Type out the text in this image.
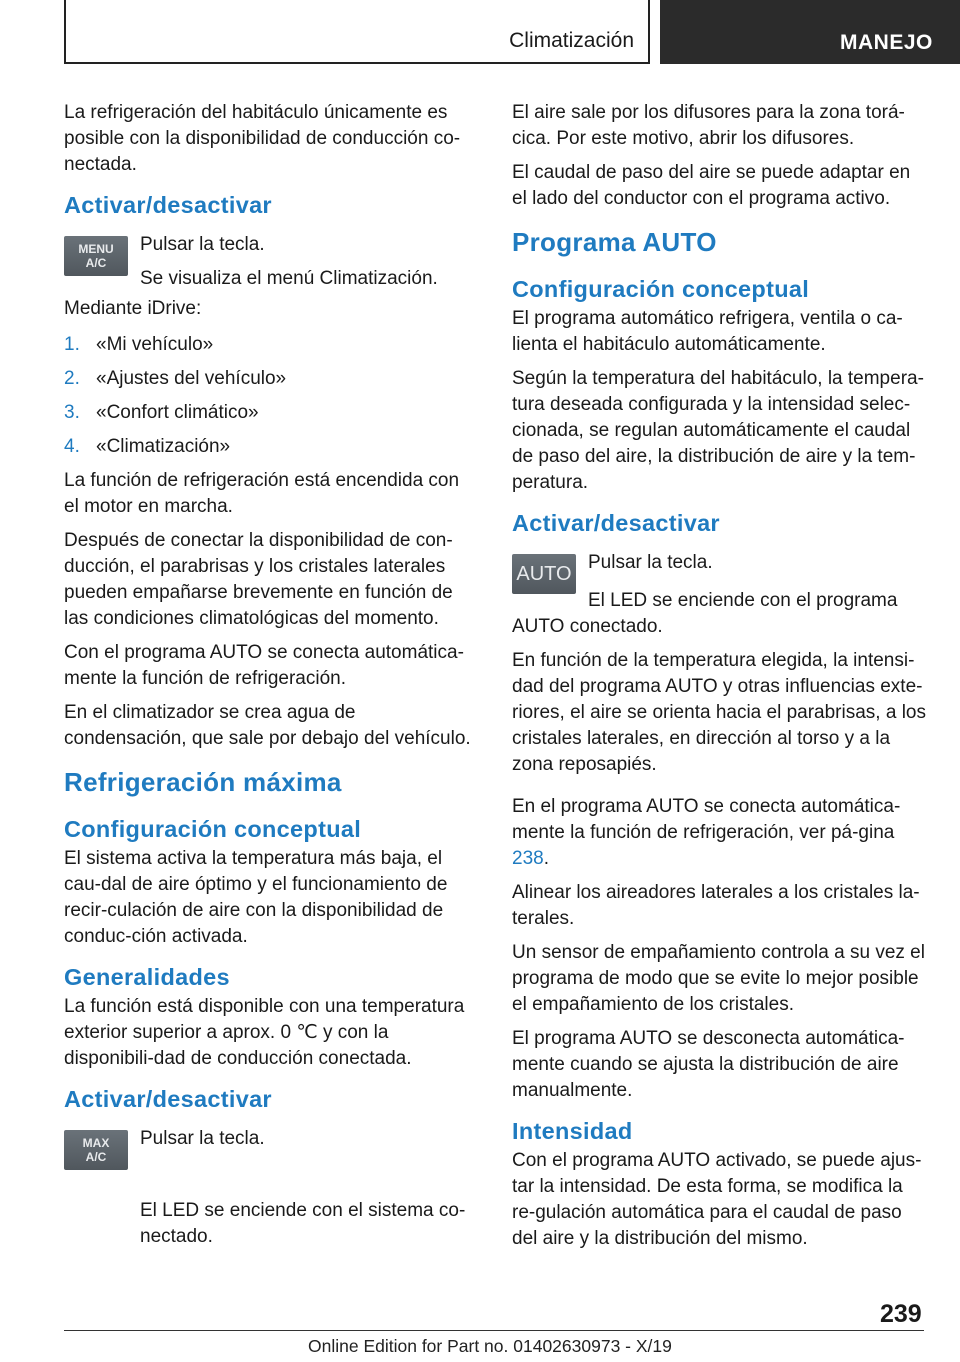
Climatización	MANEJO

La refrigeración del habitáculo únicamente es posible con la disponibilidad de conducción co-nectada.

Activar/desactivar
MENU
A/C

Pulsar la tecla.

Se visualiza el menú Climatización.

Mediante iDrive:

1. «Mi vehículo»
2. «Ajustes del vehículo»
3. «Confort climático»
4. «Climatización»

La función de refrigeración está encendida con el motor en marcha.

Después de conectar la disponibilidad de con-ducción, el parabrisas y los cristales laterales pueden empañarse brevemente en función de las condiciones climatológicas del momento.

Con el programa AUTO se conecta automática-mente la función de refrigeración.

En el climatizador se crea agua de condensación, que sale por debajo del vehículo.

Refrigeración máxima
Configuración conceptual

El sistema activa la temperatura más baja, el cau-dal de aire óptimo y el funcionamiento de recir-culación de aire con la disponibilidad de conduc-ción activada.

Generalidades

La función está disponible con una temperatura exterior superior a aprox. 0 ℃ y con la disponibili-dad de conducción conectada.

Activar/desactivar
MAX
A/C

Pulsar la tecla.

El LED se enciende con el sistema co-nectado.

El aire sale por los difusores para la zona torá-cica. Por este motivo, abrir los difusores.

El caudal de paso del aire se puede adaptar en el lado del conductor con el programa activo.

Programa AUTO
Configuración conceptual

El programa automático refrigera, ventila o ca-lienta el habitáculo automáticamente.

Según la temperatura del habitáculo, la tempera-tura deseada configurada y la intensidad selec-cionada, se regulan automáticamente el caudal de paso del aire, la distribución de aire y la tem-peratura.

Activar/desactivar
AUTO

Pulsar la tecla.

El LED se enciende con el programa AUTO conectado.

En función de la temperatura elegida, la intensi-dad del programa AUTO y otras influencias exte-riores, el aire se orienta hacia el parabrisas, a los cristales laterales, en dirección al torso y a la zona reposapiés.

En el programa AUTO se conecta automática-mente la función de refrigeración, ver pá-gina 238.

Alinear los aireadores laterales a los cristales la-terales.

Un sensor de empañamiento controla a su vez el programa de modo que se evite lo mejor posible el empañamiento de los cristales.

El programa AUTO se desconecta automática-mente cuando se ajusta la distribución de aire manualmente.

Intensidad

Con el programa AUTO activado, se puede ajus-tar la intensidad. De esta forma, se modifica la re-gulación automática para el caudal de paso del aire y la distribución del mismo.

239
Online Edition for Part no. 01402630973 - X/19
